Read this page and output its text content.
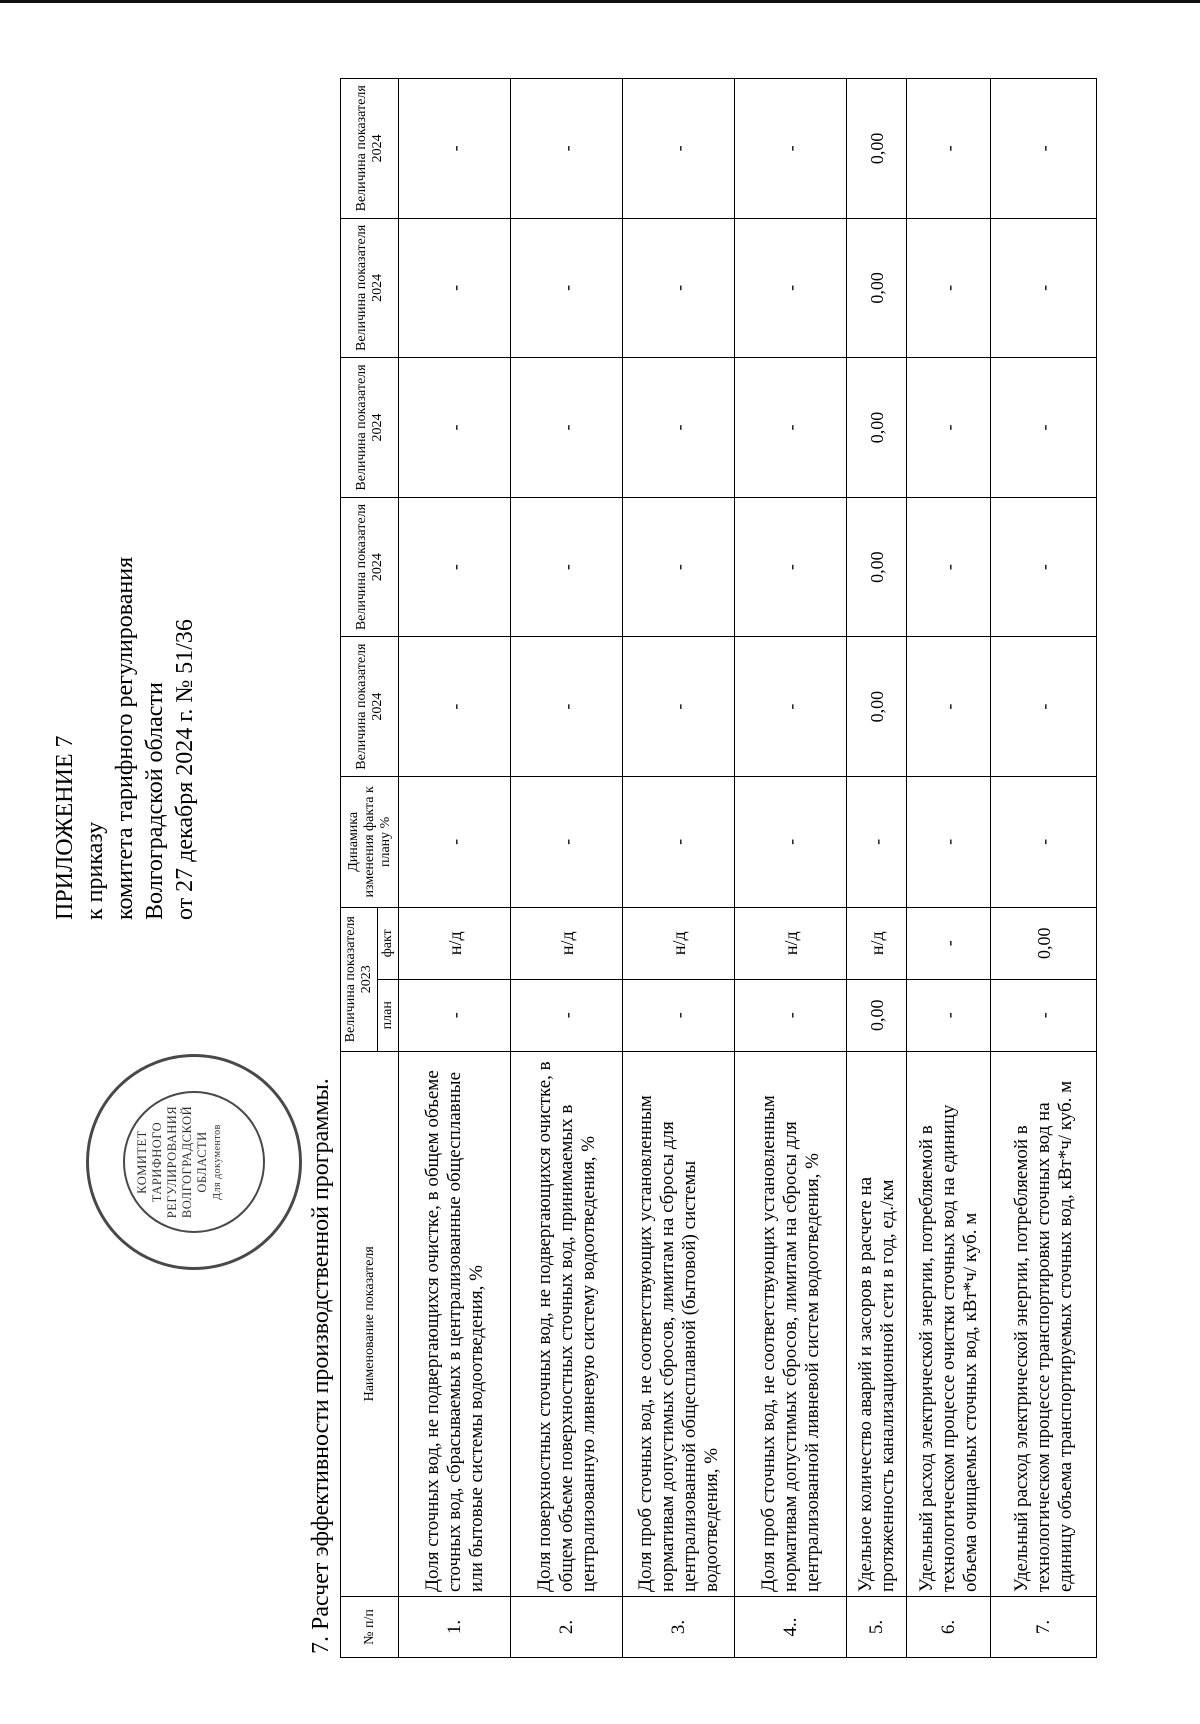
ПРИЛОЖЕНИЕ 7 к приказу комитета тарифного регулирования Волгоградской области от 27 декабря 2024 г. № 51/36
КОМИТЕТ ТАРИФНОГО РЕГУЛИРОВАНИЯ ВОЛГОГРАДСКОЙ ОБЛАСТИ Для документов	7. Расчет эффективности производственной программы. № п/п	Наименование показателя	Величина показателя 2023		Динамика изменения факта к плану %	Величина показателя 2024	Величина показателя 2024	Величина показателя 2024	Величина показателя 2024	Величина показателя 2024
		план	факт						
1.	Доля сточных вод, не подвергающихся очистке, в общем объеме сточных вод, сбрасываемых в централизованные общесплавные или бытовые системы водоотведения, %	-	н/д	-	-	-	-	-	-
2.	Доля поверхностных сточных вод, не подвергающихся очистке, в общем объеме поверхностных сточных вод, принимаемых в централизованную ливневую систему водоотведения, %	-	н/д	-	-	-	-	-	-
3.	Доля проб сточных вод, не соответствующих установленным нормативам допустимых сбросов, лимитам на сбросы для централизованной общесплавной (бытовой) системы водоотведения, %	-	н/д	-	-	-	-	-	-
4..	Доля проб сточных вод, не соответствующих установленным нормативам допустимых сбросов, лимитам на сбросы для централизованной ливневой систем водоотведения, %	-	н/д	-	-	-	-	-	-
5.	Удельное количество аварий и засоров в расчете на протяженность канализационной сети в год, ед./км	0,00	н/д	-	0,00	0,00	0,00	0,00	0,00
6.	Удельный расход электрической энергии, потребляемой в технологическом процессе очистки сточных вод на единицу объема очищаемых сточных вод, кВт*ч/ куб. м	-	-	-	-	-	-	-	-
7.	Удельный расход электрической энергии, потребляемой в технологическом процессе транспортировки сточных вод на единицу объема транспортируемых сточных вод, кВт*ч/ куб. м	-	0,00	-	-	-	-	-	-
